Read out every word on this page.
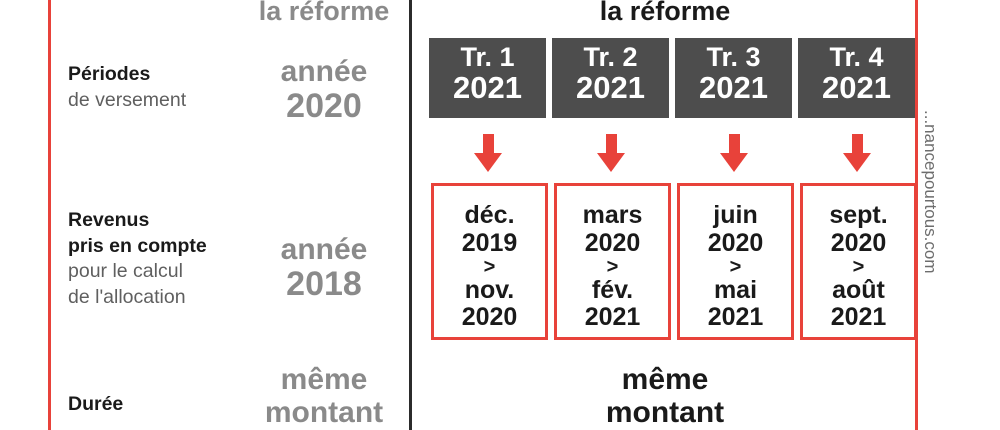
la réforme	la réforme
Périodes
de versement
année
2020
Tr. 1
2021
Tr. 2
2021
Tr. 3
2021
Tr. 4
2021
Revenus
pris en compte
pour le calcul
de l'allocation
année
2018
déc.
2019
>
nov.
2020
mars
2020
>
fév.
2021
juin
2020
>
mai
2021
sept.
2020
>
août
2021
Durée
même
montant
même
montant
...nancepourtous.com
